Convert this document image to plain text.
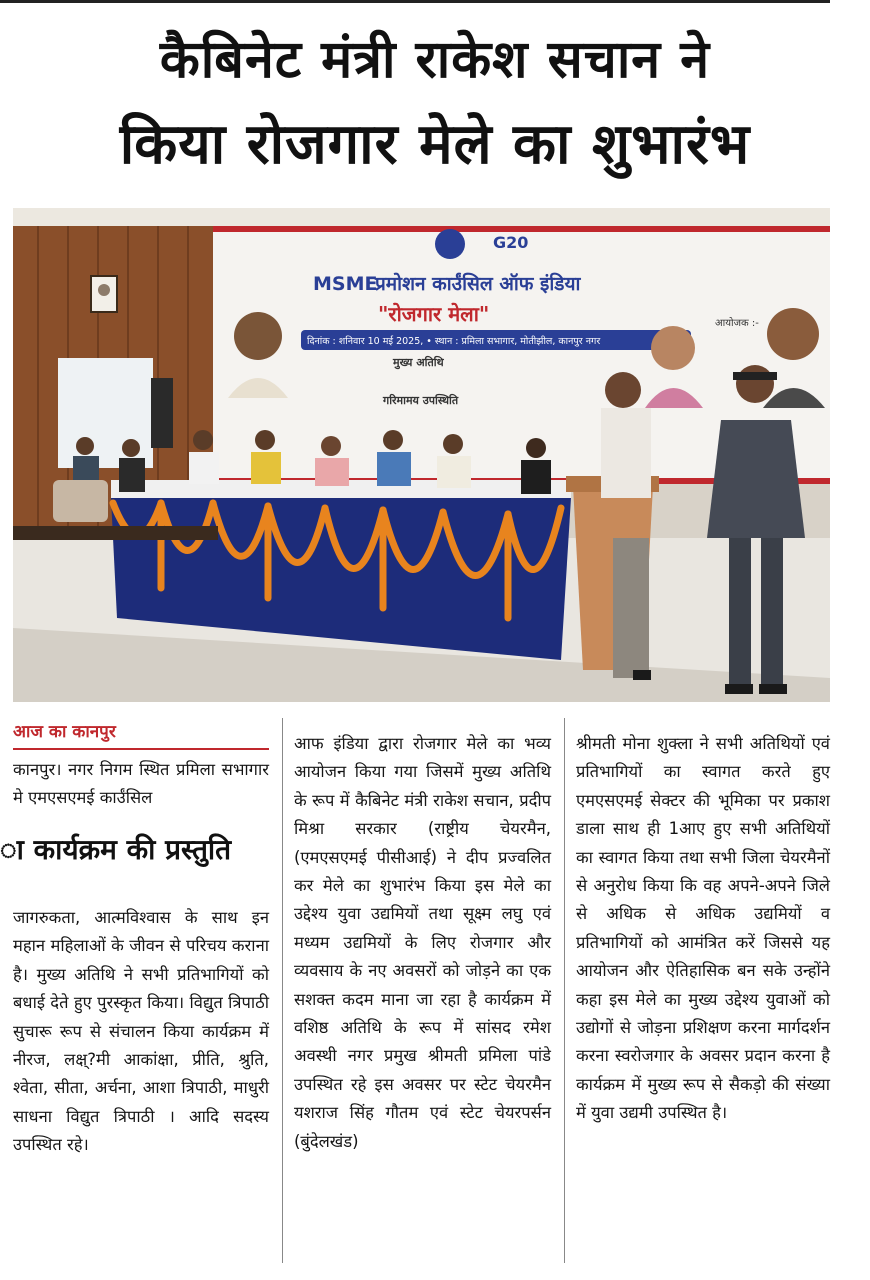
कैबिनेट मंत्री राकेश सचान ने
किया रोजगार मेले का शुभारंभ
G20
MSME
प्रमोशन कार्उंसिल ऑफ इंडिया
"रोजगार मेला"
दिनांक : शनिवार 10 मई 2025, • स्थान : प्रमिला सभागार, मोतीझील, कानपुर नगर
आयोजक :-
मुख्य अतिथि
गरिमामय उपस्थिति
आज का कानपुर

कानपुर। नगर निगम स्थित प्रमिला सभागार मे एमएसएमई कार्उंसिल

ा कार्यक्रम की प्रस्तुति

जागरुकता, आत्मविश्वास के साथ इन महान महिलाओं के जीवन से परिचय कराना है। मुख्य अतिथि ने सभी प्रतिभागियों को बधाई देते हुए पुरस्कृत किया। विद्युत त्रिपाठी सुचारू रूप से संचालन किया कार्यक्रम में नीरज, लक्ष्?मी आकांक्षा, प्रीति, श्रुति, श्वेता, सीता, अर्चना, आशा त्रिपाठी, माधुरी साधना विद्युत त्रिपाठी । आदि सदस्य उपस्थित रहे।

आफ इंडिया द्वारा रोजगार मेले का भव्य आयोजन किया गया जिसमें मुख्य अतिथि के रूप में कैबिनेट मंत्री राकेश सचान, प्रदीप मिश्रा सरकार (राष्ट्रीय चेयरमैन, (एमएसएमई पीसीआई) ने दीप प्रज्वलित कर मेले का शुभारंभ किया इस मेले का उद्देश्य युवा उद्यमियों तथा सूक्ष्म लघु एवं मध्यम उद्यमियों के लिए रोजगार और व्यवसाय के नए अवसरों को जोड़ने का एक सशक्त कदम माना जा रहा है कार्यक्रम में वशिष्ठ अतिथि के रूप में सांसद रमेश अवस्थी नगर प्रमुख श्रीमती प्रमिला पांडे उपस्थित रहे इस अवसर पर स्टेट चेयरमैन यशराज सिंह गौतम एवं स्टेट चेयरपर्सन (बुंदेलखंड)

श्रीमती मोना शुक्ला ने सभी अतिथियों एवं प्रतिभागियों का स्वागत करते हुए एमएसएमई सेक्टर की भूमिका पर प्रकाश डाला साथ ही 1आए हुए सभी अतिथियों का स्वागत किया तथा सभी जिला चेयरमैनों से अनुरोध किया कि वह अपने-अपने जिले से अधिक से अधिक उद्यमियों व प्रतिभागियों को आमंत्रित करें जिससे यह आयोजन और ऐतिहासिक बन सके उन्होंने कहा इस मेले का मुख्य उद्देश्य युवाओं को उद्योगों से जोड़ना प्रशिक्षण करना मार्गदर्शन करना स्वरोजगार के अवसर प्रदान करना है कार्यक्रम में मुख्य रूप से सैकड़ो की संख्या में युवा उद्यमी उपस्थित है।
